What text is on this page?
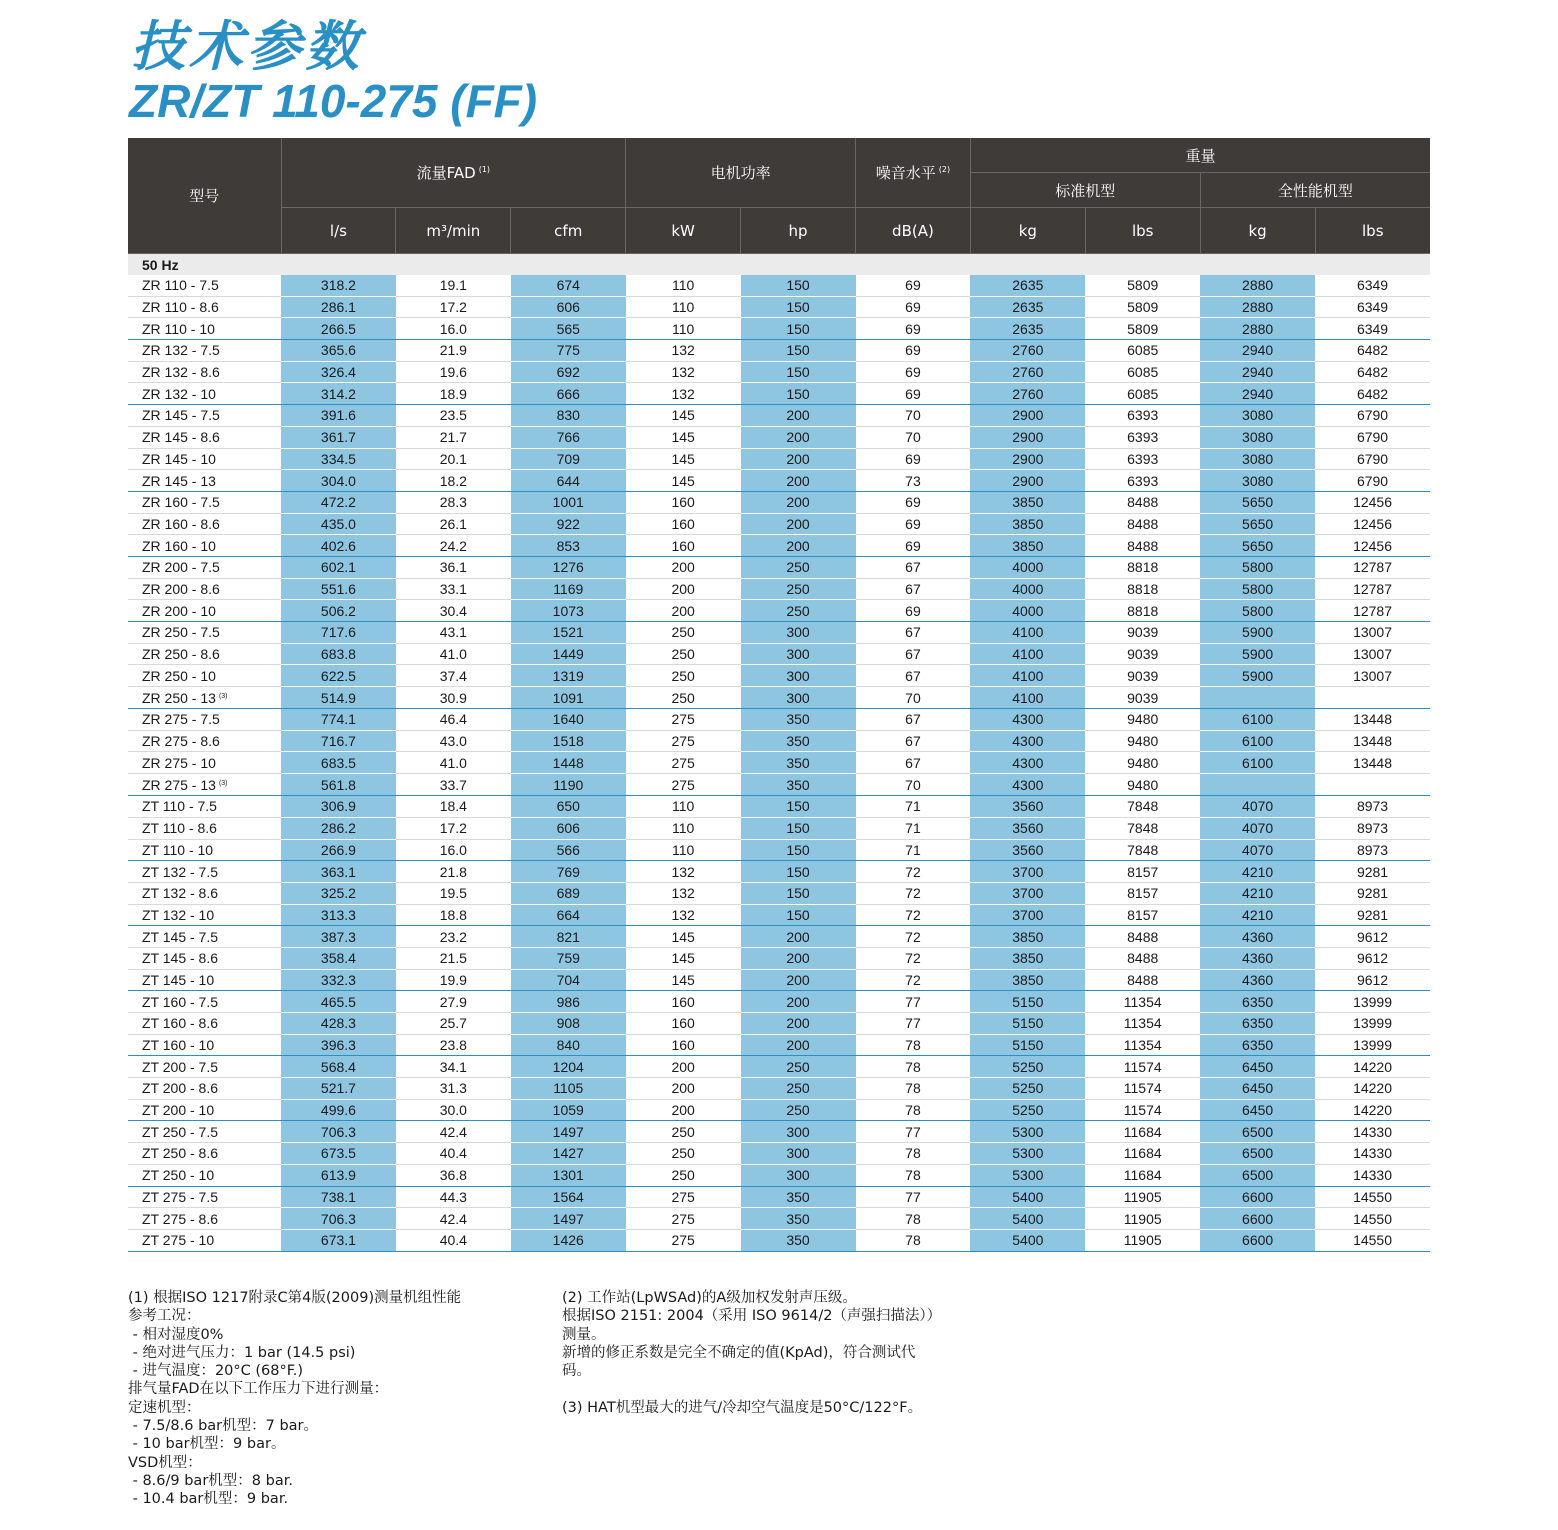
技术参数
ZR/ZT 110-275 (FF)
型号	流量FAD $^{(1)}$			电机功率		噪音水平 $^{(2)}$	重量			
							标准机型		全性能机型	
	l/s	m³/min	cfm	kW	hp	dB(A)	kg	lbs	kg	lbs
50 Hz										
ZR 110 - 7.5	318.2	19.1	674	110	150	69	2635	5809	2880	6349
ZR 110 - 8.6	286.1	17.2	606	110	150	69	2635	5809	2880	6349
ZR 110 - 10	266.5	16.0	565	110	150	69	2635	5809	2880	6349
ZR 132 - 7.5	365.6	21.9	775	132	150	69	2760	6085	2940	6482
ZR 132 - 8.6	326.4	19.6	692	132	150	69	2760	6085	2940	6482
ZR 132 - 10	314.2	18.9	666	132	150	69	2760	6085	2940	6482
ZR 145 - 7.5	391.6	23.5	830	145	200	70	2900	6393	3080	6790
ZR 145 - 8.6	361.7	21.7	766	145	200	70	2900	6393	3080	6790
ZR 145 - 10	334.5	20.1	709	145	200	69	2900	6393	3080	6790
ZR 145 - 13	304.0	18.2	644	145	200	73	2900	6393	3080	6790
ZR 160 - 7.5	472.2	28.3	1001	160	200	69	3850	8488	5650	12456
ZR 160 - 8.6	435.0	26.1	922	160	200	69	3850	8488	5650	12456
ZR 160 - 10	402.6	24.2	853	160	200	69	3850	8488	5650	12456
ZR 200 - 7.5	602.1	36.1	1276	200	250	67	4000	8818	5800	12787
ZR 200 - 8.6	551.6	33.1	1169	200	250	67	4000	8818	5800	12787
ZR 200 - 10	506.2	30.4	1073	200	250	69	4000	8818	5800	12787
ZR 250 - 7.5	717.6	43.1	1521	250	300	67	4100	9039	5900	13007
ZR 250 - 8.6	683.8	41.0	1449	250	300	67	4100	9039	5900	13007
ZR 250 - 10	622.5	37.4	1319	250	300	67	4100	9039	5900	13007
ZR 250 - 13 $^{(3)}$	514.9	30.9	1091	250	300	70	4100	9039		
ZR 275 - 7.5	774.1	46.4	1640	275	350	67	4300	9480	6100	13448
ZR 275 - 8.6	716.7	43.0	1518	275	350	67	4300	9480	6100	13448
ZR 275 - 10	683.5	41.0	1448	275	350	67	4300	9480	6100	13448
ZR 275 - 13 $^{(3)}$	561.8	33.7	1190	275	350	70	4300	9480		
ZT 110 - 7.5	306.9	18.4	650	110	150	71	3560	7848	4070	8973
ZT 110 - 8.6	286.2	17.2	606	110	150	71	3560	7848	4070	8973
ZT 110 - 10	266.9	16.0	566	110	150	71	3560	7848	4070	8973
ZT 132 - 7.5	363.1	21.8	769	132	150	72	3700	8157	4210	9281
ZT 132 - 8.6	325.2	19.5	689	132	150	72	3700	8157	4210	9281
ZT 132 - 10	313.3	18.8	664	132	150	72	3700	8157	4210	9281
ZT 145 - 7.5	387.3	23.2	821	145	200	72	3850	8488	4360	9612
ZT 145 - 8.6	358.4	21.5	759	145	200	72	3850	8488	4360	9612
ZT 145 - 10	332.3	19.9	704	145	200	72	3850	8488	4360	9612
ZT 160 - 7.5	465.5	27.9	986	160	200	77	5150	11354	6350	13999
ZT 160 - 8.6	428.3	25.7	908	160	200	77	5150	11354	6350	13999
ZT 160 - 10	396.3	23.8	840	160	200	78	5150	11354	6350	13999
ZT 200 - 7.5	568.4	34.1	1204	200	250	78	5250	11574	6450	14220
ZT 200 - 8.6	521.7	31.3	1105	200	250	78	5250	11574	6450	14220
ZT 200 - 10	499.6	30.0	1059	200	250	78	5250	11574	6450	14220
ZT 250 - 7.5	706.3	42.4	1497	250	300	77	5300	11684	6500	14330
ZT 250 - 8.6	673.5	40.4	1427	250	300	78	5300	11684	6500	14330
ZT 250 - 10	613.9	36.8	1301	250	300	78	5300	11684	6500	14330
ZT 275 - 7.5	738.1	44.3	1564	275	350	77	5400	11905	6600	14550
ZT 275 - 8.6	706.3	42.4	1497	275	350	78	5400	11905	6600	14550
ZT 275 - 10	673.1	40.4	1426	275	350	78	5400	11905	6600	14550
(1) 根据ISO 1217附录C第4版(2009)测量机组性能
参考工况：
- 相对湿度0%
- 绝对进气压力：1 bar (14.5 psi)
- 进气温度：20°C (68°F.)
排气量FAD在以下工作压力下进行测量：
定速机型：
- 7.5/8.6 bar机型：7 bar。
- 10 bar机型：9 bar。
VSD机型：
- 8.6/9 bar机型：8 bar.
- 10.4 bar机型：9 bar.
(2) 工作站(LpWSAd)的A级加权发射声压级。
根据ISO 2151: 2004（采用 ISO 9614/2（声强扫描法））
测量。
新增的修正系数是完全不确定的值(KpAd)，符合测试代
码。
(3) HAT机型最大的进气/冷却空气温度是50°C/122°F。
